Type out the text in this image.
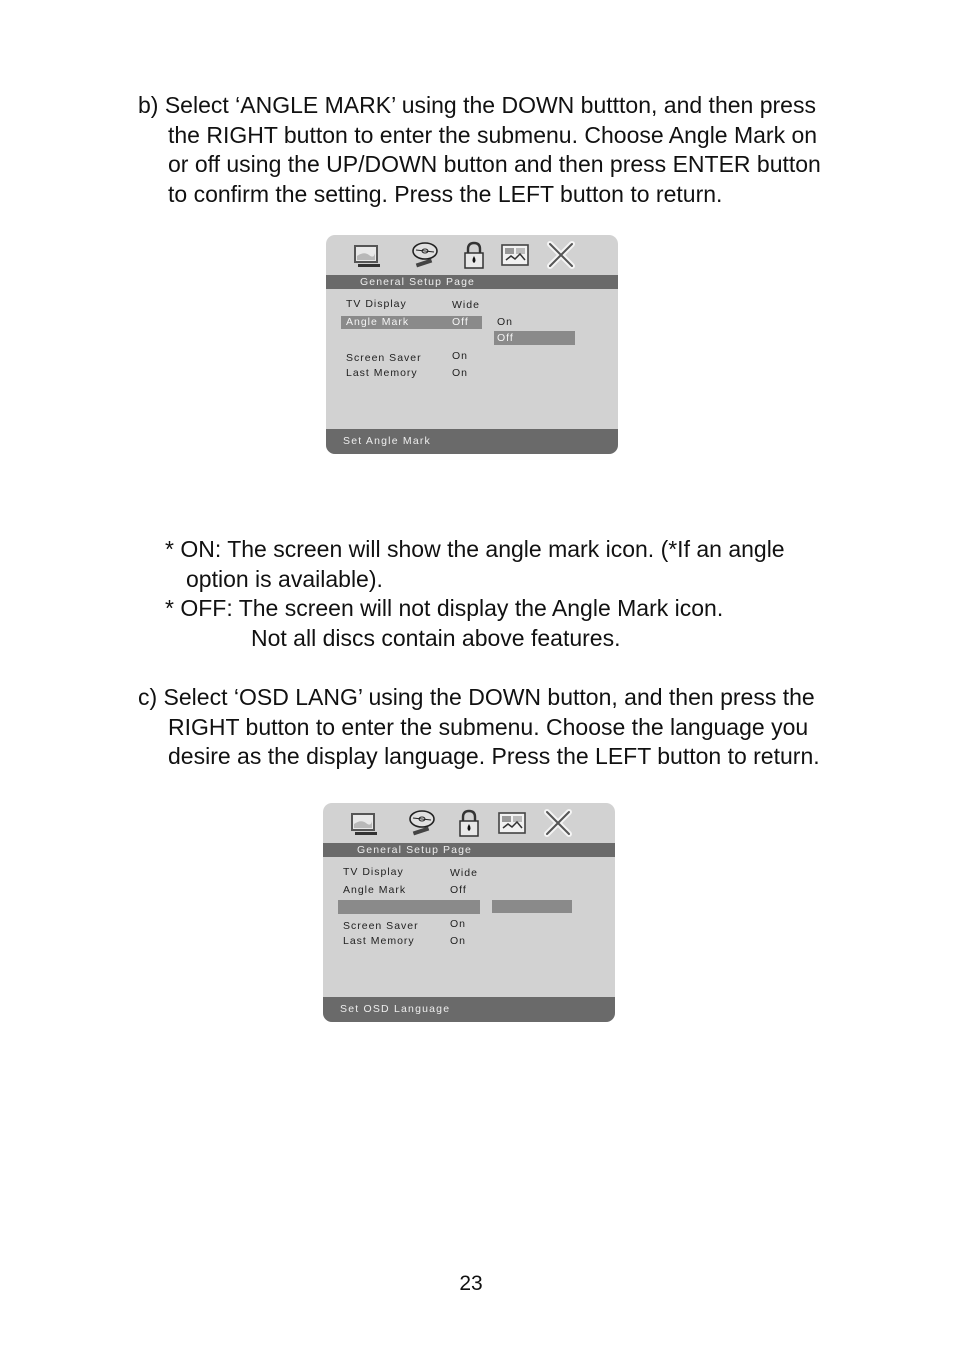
b) Select ‘ANGLE MARK’ using the DOWN buttton, and then press
the RIGHT button to enter the submenu. Choose Angle Mark on
or off using the UP/DOWN button and then press ENTER button
to confirm the setting. Press the LEFT button to return.

General Setup Page
TV Display	Wide
Angle Mark	Off	On
Off
Screen Saver	On
Last Memory	On
Set Angle Mark
* ON: The screen will show the angle mark icon. (*If an angle
option is available).
* OFF: The screen will not display the Angle Mark icon.
Not all discs contain above features.

c) Select ‘OSD LANG’ using the DOWN button, and then press the
RIGHT button to enter the submenu. Choose the language you
desire as the display language. Press the LEFT button to return.

General Setup Page
TV Display	Wide
Angle Mark	Off
Screen Saver	On
Last Memory	On
Set OSD Language
23
